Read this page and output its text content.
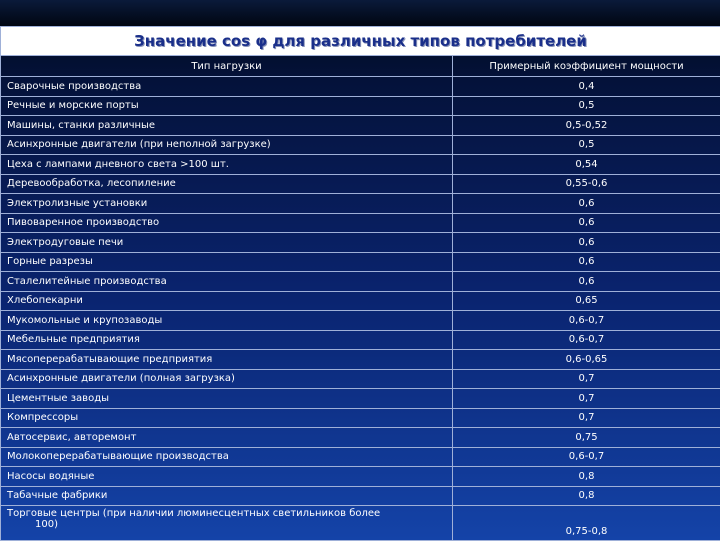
Значение cos φ для различных типов потребителей	
Тип нагрузки	Примерный коэффициент мощности
Сварочные производства	0,4
Речные и морские порты	0,5
Машины, станки различные	0,5-0,52
Асинхронные двигатели (при неполной загрузке)	0,5
Цеха с лампами дневного света >100 шт.	0,54
Деревообработка, лесопиление	0,55-0,6
Электролизные установки	0,6
Пивоваренное производство	0,6
Электродуговые печи	0,6
Горные разрезы	0,6
Сталелитейные производства	0,6
Хлебопекарни	0,65
Мукомольные и крупозаводы	0,6-0,7
Мебельные предприятия	0,6-0,7
Мясоперерабатывающие предприятия	0,6-0,65
Асинхронные двигатели (полная загрузка)	0,7
Цементные заводы	0,7
Компрессоры	0,7
Автосервис, авторемонт	0,75
Молокоперерабатывающие производства	0,6-0,7
Насосы водяные	0,8
Табачные фабрики	0,8
Торговые центры (при наличии люминесцентных светильников более
100)	0,75-0,8
